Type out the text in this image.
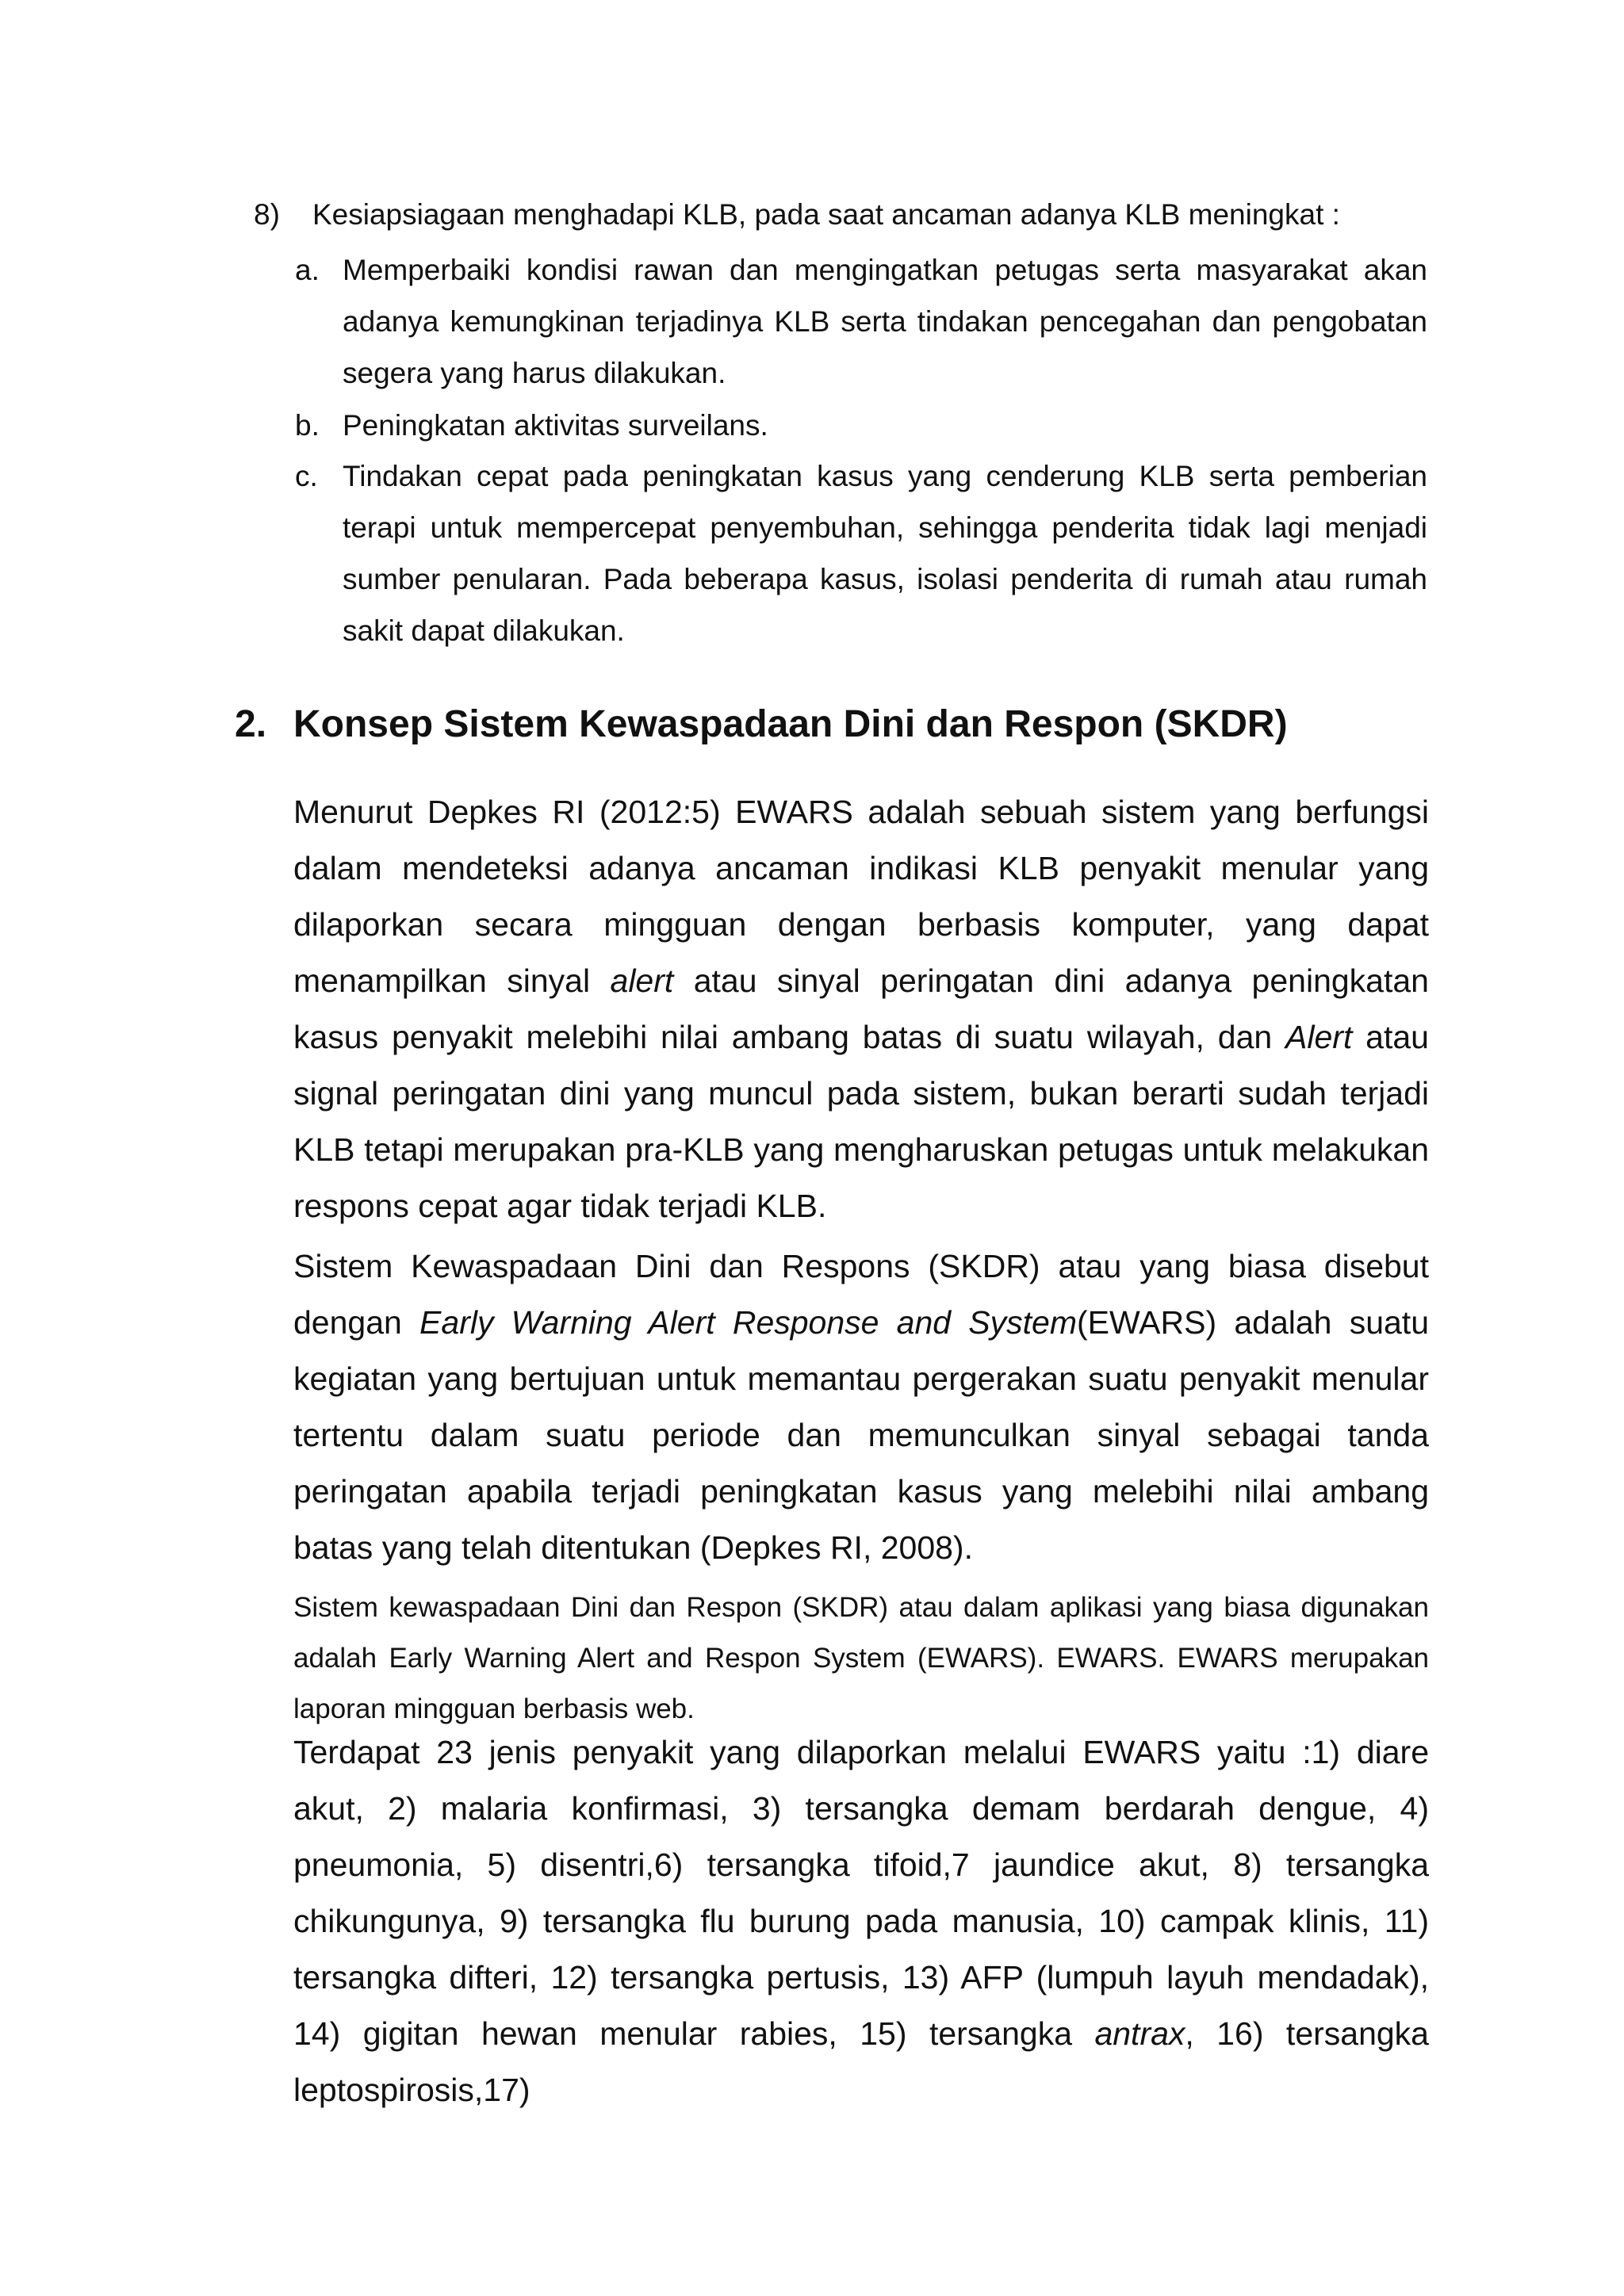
8) Kesiapsiagaan menghadapi KLB, pada saat ancaman adanya KLB meningkat :
a. Memperbaiki kondisi rawan dan mengingatkan petugas serta masyarakat akan adanya kemungkinan terjadinya KLB serta tindakan pencegahan dan pengobatan segera yang harus dilakukan.
b. Peningkatan aktivitas surveilans.
c. Tindakan cepat pada peningkatan kasus yang cenderung KLB serta pemberian terapi untuk mempercepat penyembuhan, sehingga penderita tidak lagi menjadi sumber penularan. Pada beberapa kasus, isolasi penderita di rumah atau rumah sakit dapat dilakukan.
2. Konsep Sistem Kewaspadaan Dini dan Respon (SKDR)

Menurut Depkes RI (2012:5) EWARS adalah sebuah sistem yang berfungsi dalam mendeteksi adanya ancaman indikasi KLB penyakit menular yang dilaporkan secara mingguan dengan berbasis komputer, yang dapat menampilkan sinyal alert atau sinyal peringatan dini adanya peningkatan kasus penyakit melebihi nilai ambang batas di suatu wilayah, dan Alert atau signal peringatan dini yang muncul pada sistem, bukan berarti sudah terjadi KLB tetapi merupakan pra-KLB yang mengharuskan petugas untuk melakukan respons cepat agar tidak terjadi KLB.

Sistem Kewaspadaan Dini dan Respons (SKDR) atau yang biasa disebut dengan Early Warning Alert Response and System(EWARS) adalah suatu kegiatan yang bertujuan untuk memantau pergerakan suatu penyakit menular tertentu dalam suatu periode dan memunculkan sinyal sebagai tanda peringatan apabila terjadi peningkatan kasus yang melebihi nilai ambang batas yang telah ditentukan (Depkes RI, 2008).

Sistem kewaspadaan Dini dan Respon (SKDR) atau dalam aplikasi yang biasa digunakan adalah Early Warning Alert and Respon System (EWARS). EWARS. EWARS merupakan laporan mingguan berbasis web.

Terdapat 23 jenis penyakit yang dilaporkan melalui EWARS yaitu :1) diare akut, 2) malaria konfirmasi, 3) tersangka demam berdarah dengue, 4) pneumonia, 5) disentri,6) tersangka tifoid,7 jaundice akut, 8) tersangka chikungunya, 9) tersangka flu burung pada manusia, 10) campak klinis, 11) tersangka difteri, 12) tersangka pertusis, 13) AFP (lumpuh layuh mendadak), 14) gigitan hewan menular rabies, 15) tersangka antrax, 16) tersangka leptospirosis,17)
